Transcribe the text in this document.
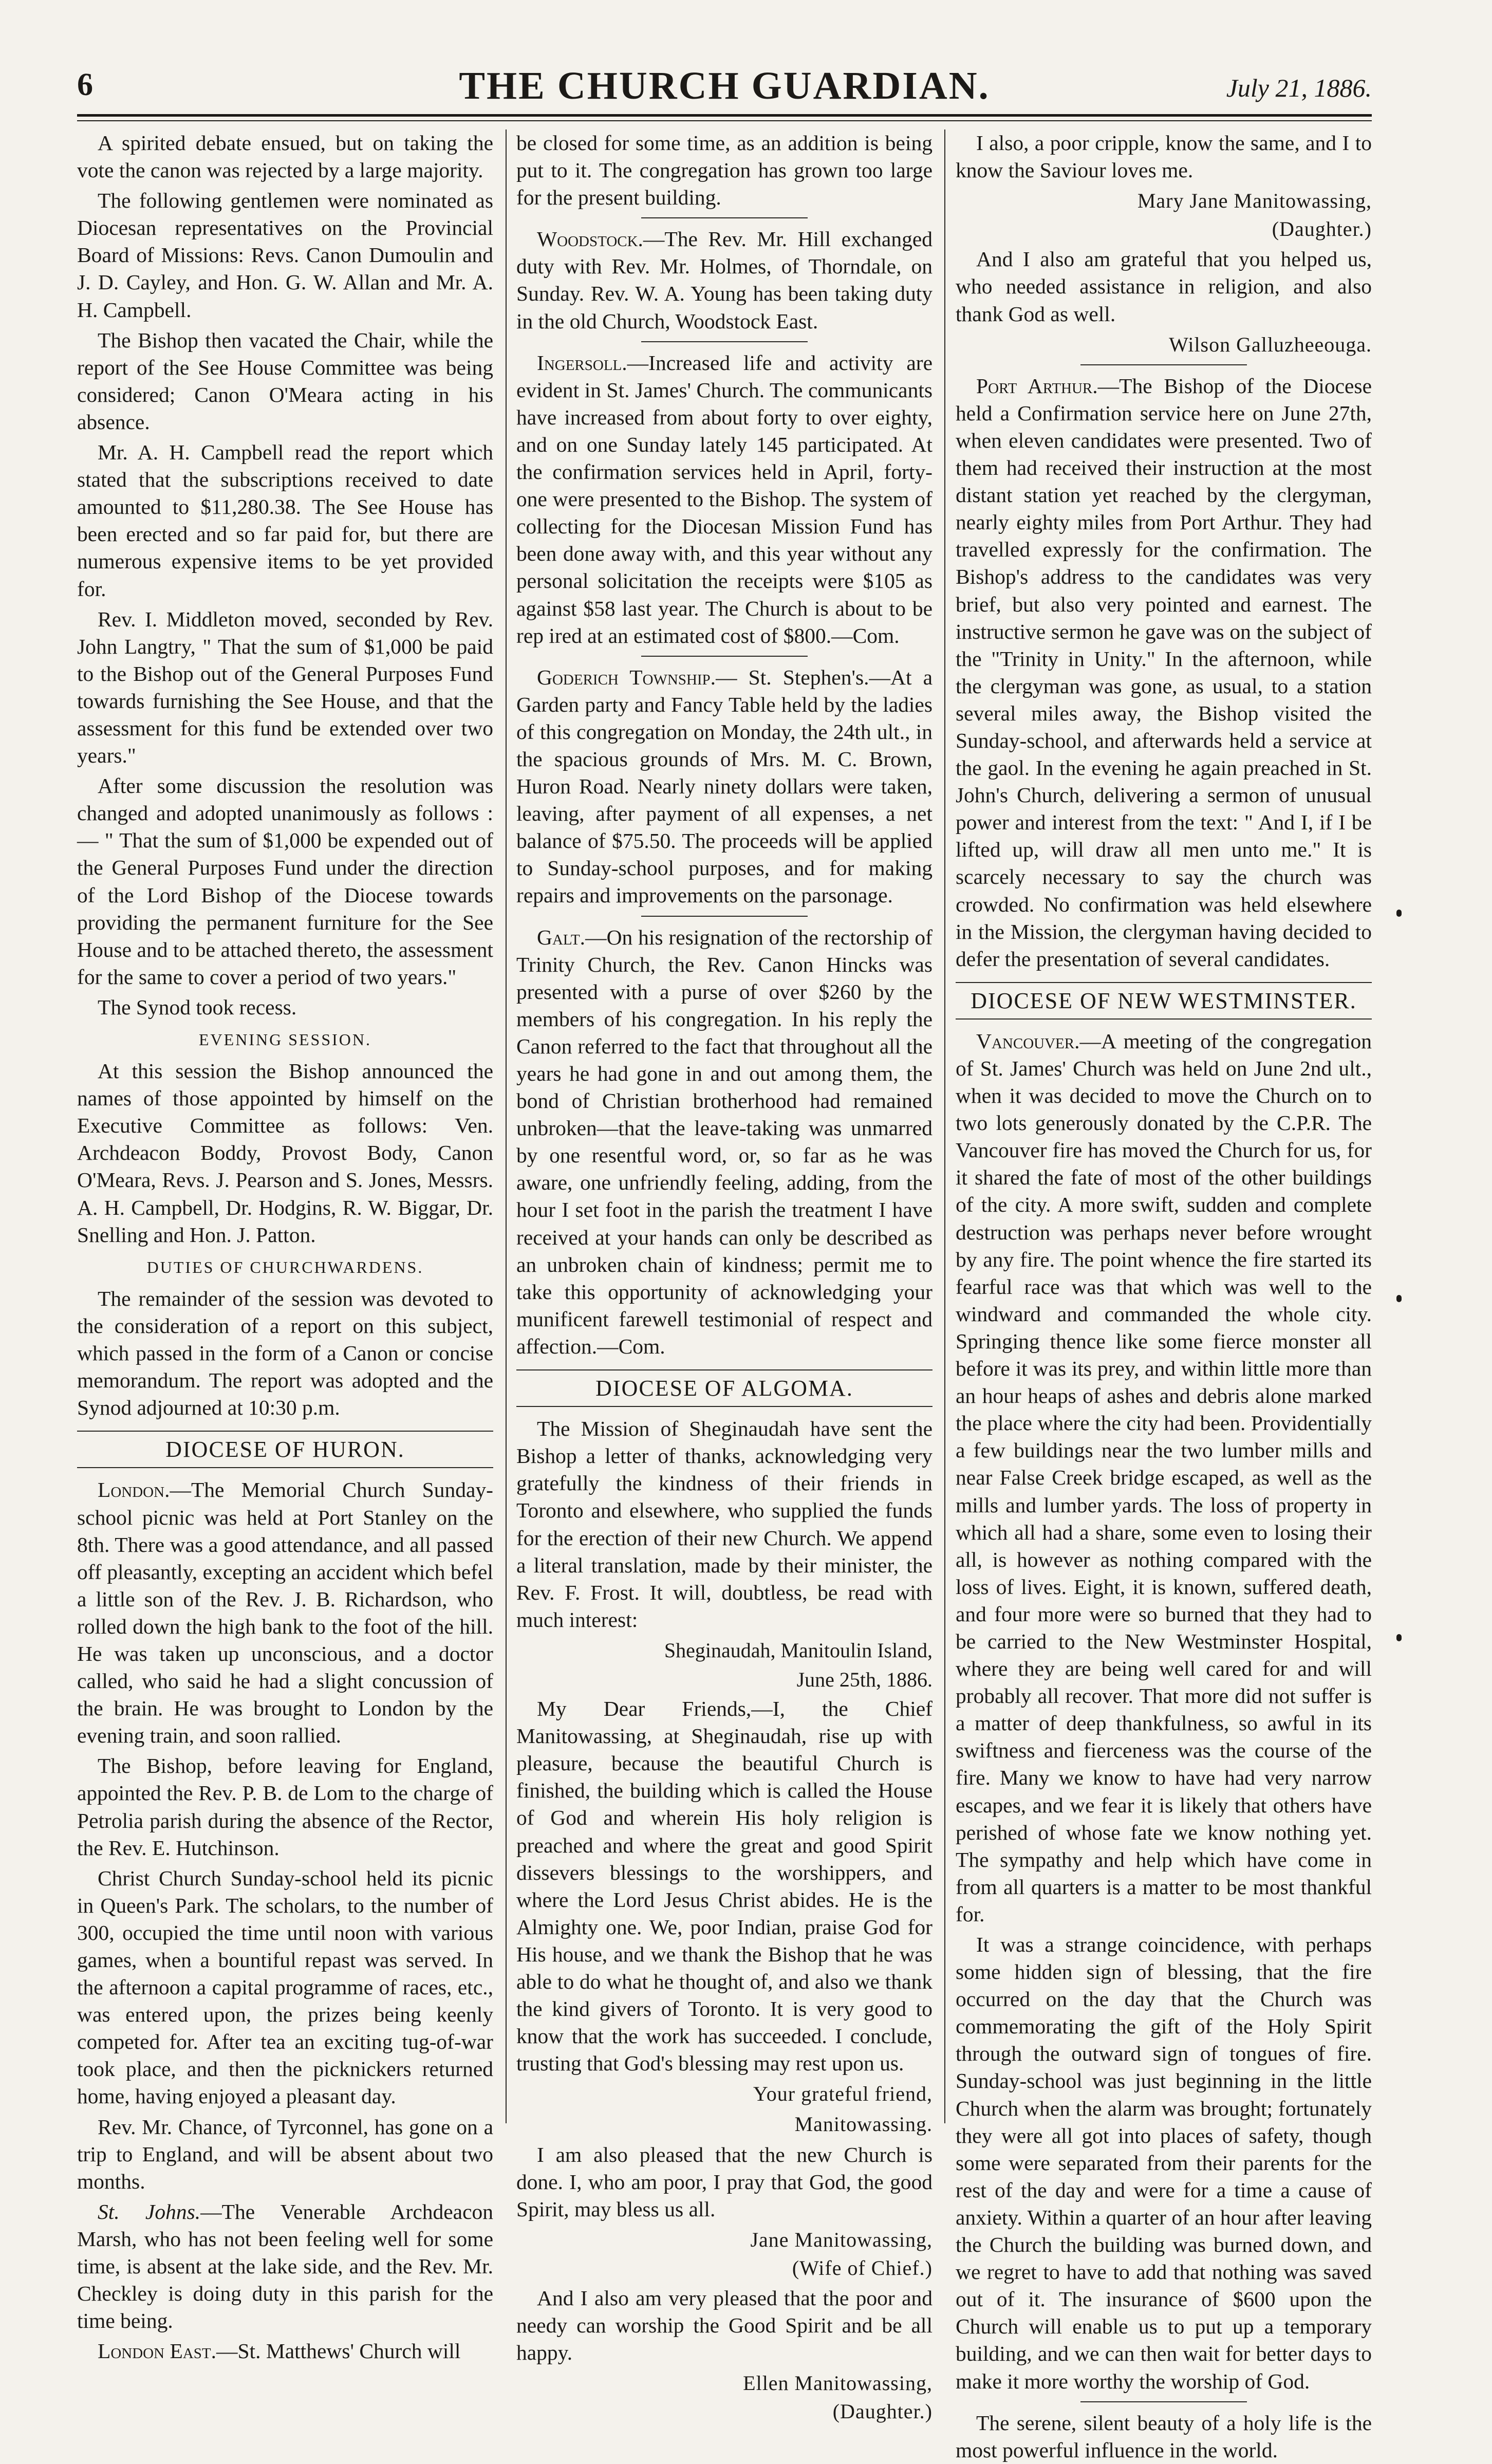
6	THE CHURCH GUARDIAN.	July 21, 1886.

A spirited debate ensued, but on taking the vote the canon was rejected by a large majority.

The following gentlemen were nominated as Diocesan representatives on the Provincial Board of Missions: Revs. Canon Dumoulin and J. D. Cayley, and Hon. G. W. Allan and Mr. A. H. Campbell.

The Bishop then vacated the Chair, while the report of the See House Committee was being considered; Canon O'Meara acting in his absence.

Mr. A. H. Campbell read the report which stated that the subscriptions received to date amounted to $11,280.38. The See House has been erected and so far paid for, but there are numerous expensive items to be yet provided for.

Rev. I. Middleton moved, seconded by Rev. John Langtry, " That the sum of $1,000 be paid to the Bishop out of the General Purposes Fund towards furnishing the See House, and that the assessment for this fund be extended over two years."

After some discussion the resolution was changed and adopted unanimously as follows :— " That the sum of $1,000 be expended out of the General Purposes Fund under the direction of the Lord Bishop of the Diocese towards providing the permanent furniture for the See House and to be attached thereto, the assessment for the same to cover a period of two years."

The Synod took recess.

EVENING SESSION.

At this session the Bishop announced the names of those appointed by himself on the Executive Committee as follows: Ven. Archdeacon Boddy, Provost Body, Canon O'Meara, Revs. J. Pearson and S. Jones, Messrs. A. H. Campbell, Dr. Hodgins, R. W. Biggar, Dr. Snelling and Hon. J. Patton.

DUTIES OF CHURCHWARDENS.

The remainder of the session was devoted to the consideration of a report on this subject, which passed in the form of a Canon or concise memorandum. The report was adopted and the Synod adjourned at 10:30 p.m.

DIOCESE OF HURON.

London.—The Memorial Church Sunday-school picnic was held at Port Stanley on the 8th. There was a good attendance, and all passed off pleasantly, excepting an accident which befel a little son of the Rev. J. B. Richardson, who rolled down the high bank to the foot of the hill. He was taken up unconscious, and a doctor called, who said he had a slight concussion of the brain. He was brought to London by the evening train, and soon rallied.

The Bishop, before leaving for England, appointed the Rev. P. B. de Lom to the charge of Petrolia parish during the absence of the Rector, the Rev. E. Hutchinson.

Christ Church Sunday-school held its picnic in Queen's Park. The scholars, to the number of 300, occupied the time until noon with various games, when a bountiful repast was served. In the afternoon a capital programme of races, etc., was entered upon, the prizes being keenly competed for. After tea an exciting tug-of-war took place, and then the picknickers returned home, having enjoyed a pleasant day.

Rev. Mr. Chance, of Tyrconnel, has gone on a trip to England, and will be absent about two months.

St. Johns.—The Venerable Archdeacon Marsh, who has not been feeling well for some time, is absent at the lake side, and the Rev. Mr. Checkley is doing duty in this parish for the time being.

London East.—St. Matthews' Church will

be closed for some time, as an addition is being put to it. The congregation has grown too large for the present building.

Woodstock.—The Rev. Mr. Hill exchanged duty with Rev. Mr. Holmes, of Thorndale, on Sunday. Rev. W. A. Young has been taking duty in the old Church, Woodstock East.

Ingersoll.—Increased life and activity are evident in St. James' Church. The communicants have increased from about forty to over eighty, and on one Sunday lately 145 participated. At the confirmation services held in April, forty-one were presented to the Bishop. The system of collecting for the Diocesan Mission Fund has been done away with, and this year without any personal solicitation the receipts were $105 as against $58 last year. The Church is about to be rep ired at an estimated cost of $800.—Com.

Goderich Township.— St. Stephen's.—At a Garden party and Fancy Table held by the ladies of this congregation on Monday, the 24th ult., in the spacious grounds of Mrs. M. C. Brown, Huron Road. Nearly ninety dollars were taken, leaving, after payment of all expenses, a net balance of $75.50. The proceeds will be applied to Sunday-school purposes, and for making repairs and improvements on the parsonage.

Galt.—On his resignation of the rectorship of Trinity Church, the Rev. Canon Hincks was presented with a purse of over $260 by the members of his congregation. In his reply the Canon referred to the fact that throughout all the years he had gone in and out among them, the bond of Christian brotherhood had remained unbroken—that the leave-taking was unmarred by one resentful word, or, so far as he was aware, one unfriendly feeling, adding, from the hour I set foot in the parish the treatment I have received at your hands can only be described as an unbroken chain of kindness; permit me to take this opportunity of acknowledging your munificent farewell testimonial of respect and affection.—Com.

DIOCESE OF ALGOMA.

The Mission of Sheginaudah have sent the Bishop a letter of thanks, acknowledging very gratefully the kindness of their friends in Toronto and elsewhere, who supplied the funds for the erection of their new Church. We append a literal translation, made by their minister, the Rev. F. Frost. It will, doubtless, be read with much interest:

Sheginaudah, Manitoulin Island,
June 25th, 1886.

My Dear Friends,—I, the Chief Manitowassing, at Sheginaudah, rise up with pleasure, because the beautiful Church is finished, the building which is called the House of God and wherein His holy religion is preached and where the great and good Spirit dissevers blessings to the worshippers, and where the Lord Jesus Christ abides. He is the Almighty one. We, poor Indian, praise God for His house, and we thank the Bishop that he was able to do what he thought of, and also we thank the kind givers of Toronto. It is very good to know that the work has succeeded. I conclude, trusting that God's blessing may rest upon us.

Your grateful friend,
Manitowassing.

I am also pleased that the new Church is done. I, who am poor, I pray that God, the good Spirit, may bless us all.

Jane Manitowassing,
(Wife of Chief.)

And I also am very pleased that the poor and needy can worship the Good Spirit and be all happy.

Ellen Manitowassing,
(Daughter.)

I also, a poor cripple, know the same, and I to know the Saviour loves me.

Mary Jane Manitowassing,
(Daughter.)

And I also am grateful that you helped us, who needed assistance in religion, and also thank God as well.

Wilson Galluzheeouga.

Port Arthur.—The Bishop of the Diocese held a Confirmation service here on June 27th, when eleven candidates were presented. Two of them had received their instruction at the most distant station yet reached by the clergyman, nearly eighty miles from Port Arthur. They had travelled expressly for the confirmation. The Bishop's address to the candidates was very brief, but also very pointed and earnest. The instructive sermon he gave was on the subject of the "Trinity in Unity." In the afternoon, while the clergyman was gone, as usual, to a station several miles away, the Bishop visited the Sunday-school, and afterwards held a service at the gaol. In the evening he again preached in St. John's Church, delivering a sermon of unusual power and interest from the text: " And I, if I be lifted up, will draw all men unto me." It is scarcely necessary to say the church was crowded. No confirmation was held elsewhere in the Mission, the clergyman having decided to defer the presentation of several candidates.

DIOCESE OF NEW WESTMINSTER.

Vancouver.—A meeting of the congregation of St. James' Church was held on June 2nd ult., when it was decided to move the Church on to two lots generously donated by the C.P.R. The Vancouver fire has moved the Church for us, for it shared the fate of most of the other buildings of the city. A more swift, sudden and complete destruction was perhaps never before wrought by any fire. The point whence the fire started its fearful race was that which was well to the windward and commanded the whole city. Springing thence like some fierce monster all before it was its prey, and within little more than an hour heaps of ashes and debris alone marked the place where the city had been. Providentially a few buildings near the two lumber mills and near False Creek bridge escaped, as well as the mills and lumber yards. The loss of property in which all had a share, some even to losing their all, is however as nothing compared with the loss of lives. Eight, it is known, suffered death, and four more were so burned that they had to be carried to the New Westminster Hospital, where they are being well cared for and will probably all recover. That more did not suffer is a matter of deep thankfulness, so awful in its swiftness and fierceness was the course of the fire. Many we know to have had very narrow escapes, and we fear it is likely that others have perished of whose fate we know nothing yet. The sympathy and help which have come in from all quarters is a matter to be most thankful for.

It was a strange coincidence, with perhaps some hidden sign of blessing, that the fire occurred on the day that the Church was commemorating the gift of the Holy Spirit through the outward sign of tongues of fire. Sunday-school was just beginning in the little Church when the alarm was brought; fortunately they were all got into places of safety, though some were separated from their parents for the rest of the day and were for a time a cause of anxiety. Within a quarter of an hour after leaving the Church the building was burned down, and we regret to have to add that nothing was saved out of it. The insurance of $600 upon the Church will enable us to put up a temporary building, and we can then wait for better days to make it more worthy the worship of God.

The serene, silent beauty of a holy life is the most powerful influence in the world.
